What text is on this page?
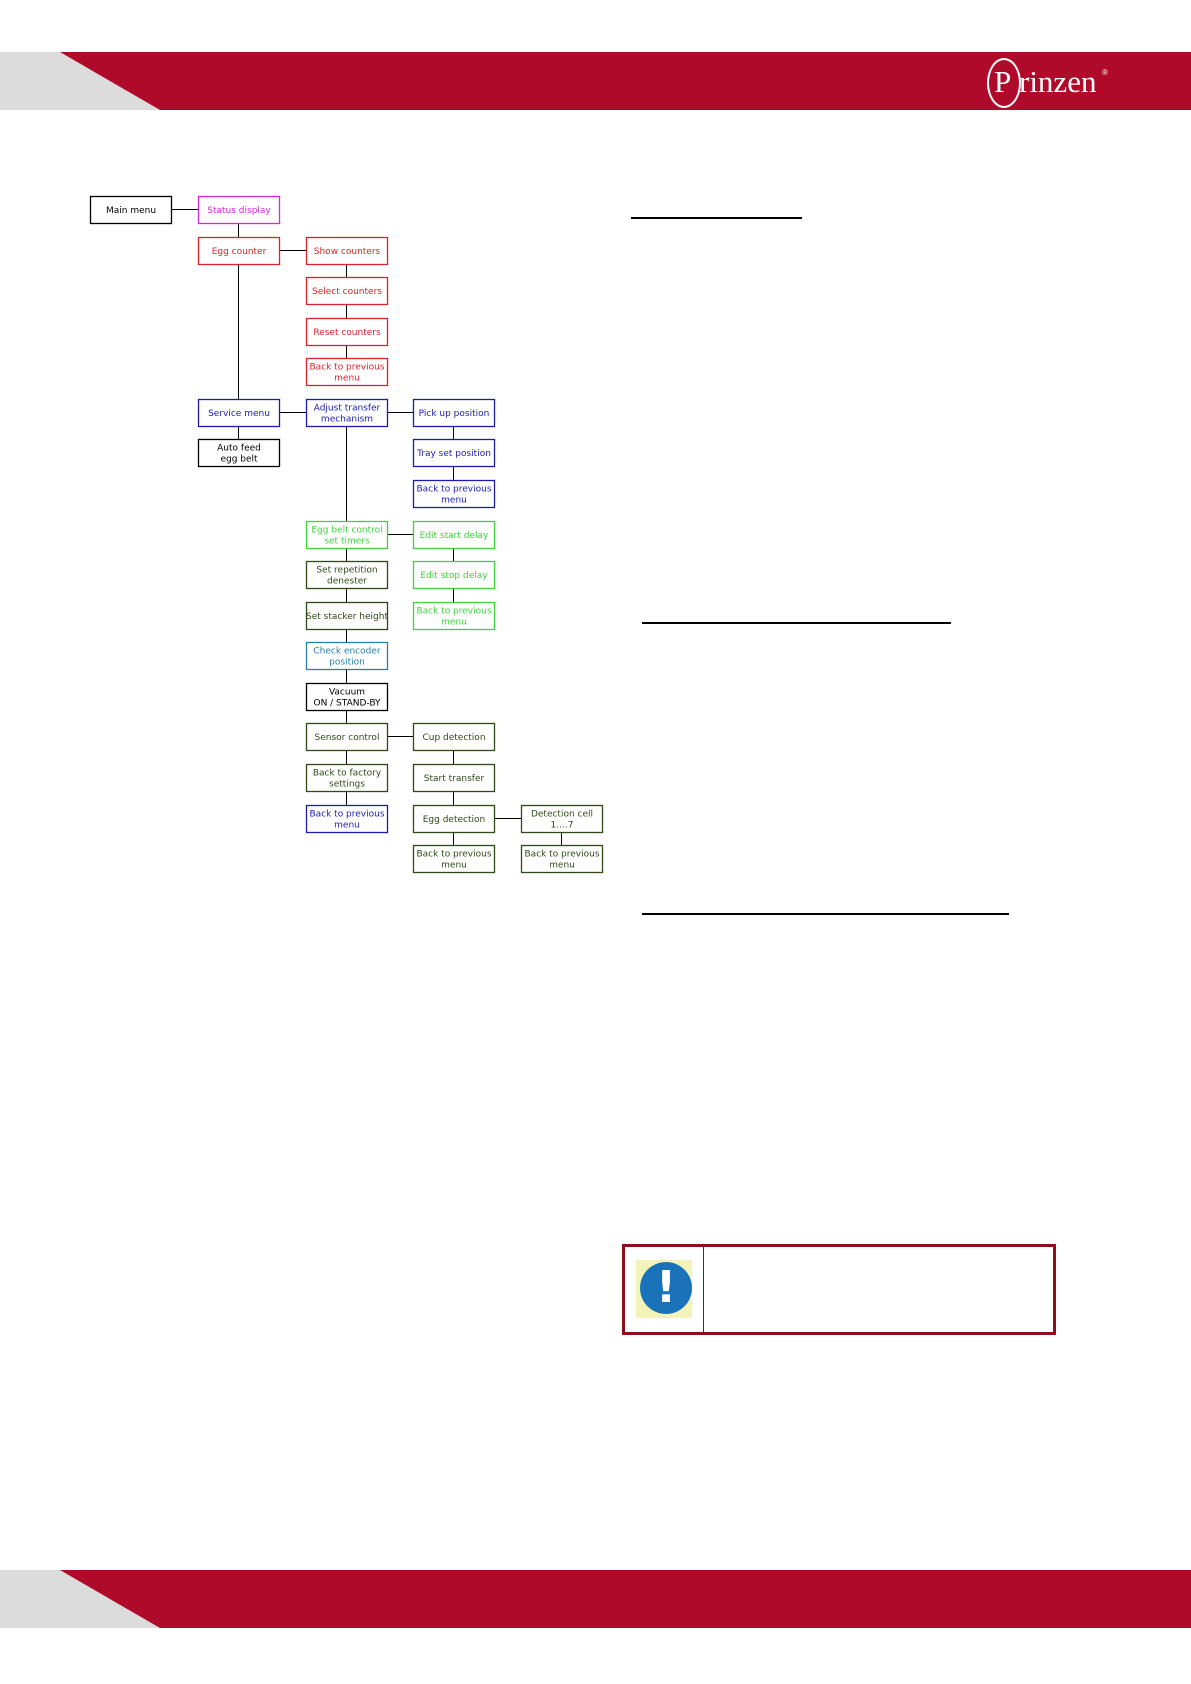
P rinzen ®
Main menu	Status display
Egg counter	Show counters
Select counters
Reset counters
Back to previous
menu
Service menu
Auto feed
egg belt
Adjust transfer
mechanism
Pick up position
Tray set position
Back to previous
menu
Egg belt control
set timers
Edit start delay
Edit stop delay
Back to previous
menu
Set repetition
denester
Set stacker height
Check encoder
position
Vacuum
ON / STAND-BY
Sensor control	Cup detection
Start transfer
Egg detection
Detection cell
1....7
Back to previous
menu
Back to previous
menu
Back to factory
settings
Back to previous
menu
!
